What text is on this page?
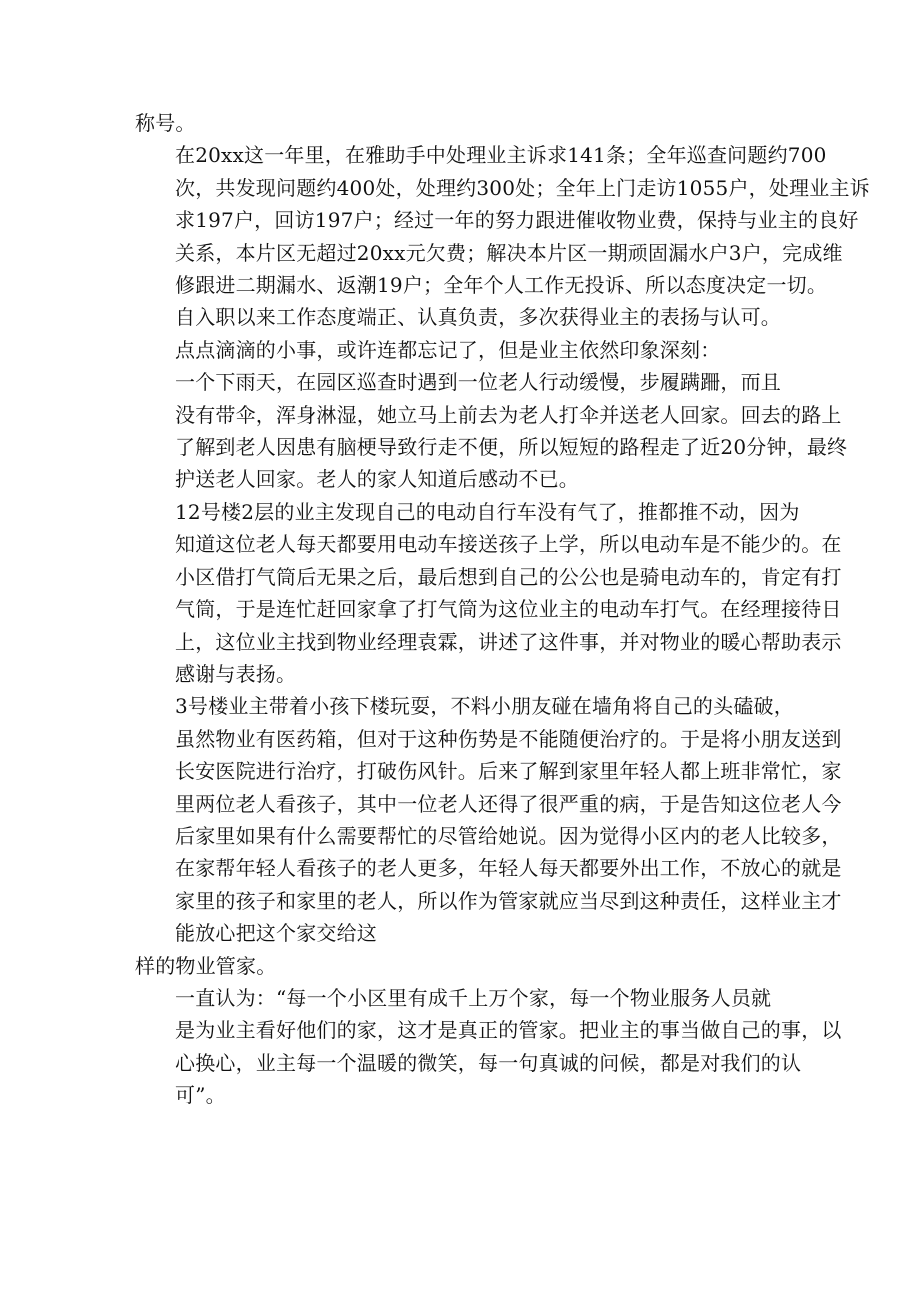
称号。

在20xx这一年里，在雅助手中处理业主诉求141条；全年巡查问题约700
次，共发现问题约400处，处理约300处；全年上门走访1055户，处理业主诉
求197户，回访197户；经过一年的努力跟进催收物业费，保持与业主的良好
关系，本片区无超过20xx元欠费；解决本片区一期顽固漏水户3户，完成维
修跟进二期漏水、返潮19户；全年个人工作无投诉、所以态度决定一切。

自入职以来工作态度端正、认真负责，多次获得业主的表扬与认可。
点点滴滴的小事，或许连都忘记了，但是业主依然印象深刻：

一个下雨天，在园区巡查时遇到一位老人行动缓慢，步履蹒跚，而且
没有带伞，浑身淋湿，她立马上前去为老人打伞并送老人回家。回去的路上
了解到老人因患有脑梗导致行走不便，所以短短的路程走了近20分钟，最终
护送老人回家。老人的家人知道后感动不已。

12号楼2层的业主发现自己的电动自行车没有气了，推都推不动，因为
知道这位老人每天都要用电动车接送孩子上学，所以电动车是不能少的。在
小区借打气筒后无果之后，最后想到自己的公公也是骑电动车的，肯定有打
气筒，于是连忙赶回家拿了打气筒为这位业主的电动车打气。在经理接待日
上，这位业主找到物业经理袁霖，讲述了这件事，并对物业的暖心帮助表示
感谢与表扬。

3号楼业主带着小孩下楼玩耍，不料小朋友碰在墙角将自己的头磕破，
虽然物业有医药箱，但对于这种伤势是不能随便治疗的。于是将小朋友送到
长安医院进行治疗，打破伤风针。后来了解到家里年轻人都上班非常忙，家
里两位老人看孩子，其中一位老人还得了很严重的病，于是告知这位老人今
后家里如果有什么需要帮忙的尽管给她说。因为觉得小区内的老人比较多，
在家帮年轻人看孩子的老人更多，年轻人每天都要外出工作，不放心的就是
家里的孩子和家里的老人，所以作为管家就应当尽到这种责任，这样业主才
能放心把这个家交给这

样的物业管家。

一直认为：“每一个小区里有成千上万个家，每一个物业服务人员就
是为业主看好他们的家，这才是真正的管家。把业主的事当做自己的事，以
心换心，业主每一个温暖的微笑，每一句真诚的问候，都是对我们的认
可”。
